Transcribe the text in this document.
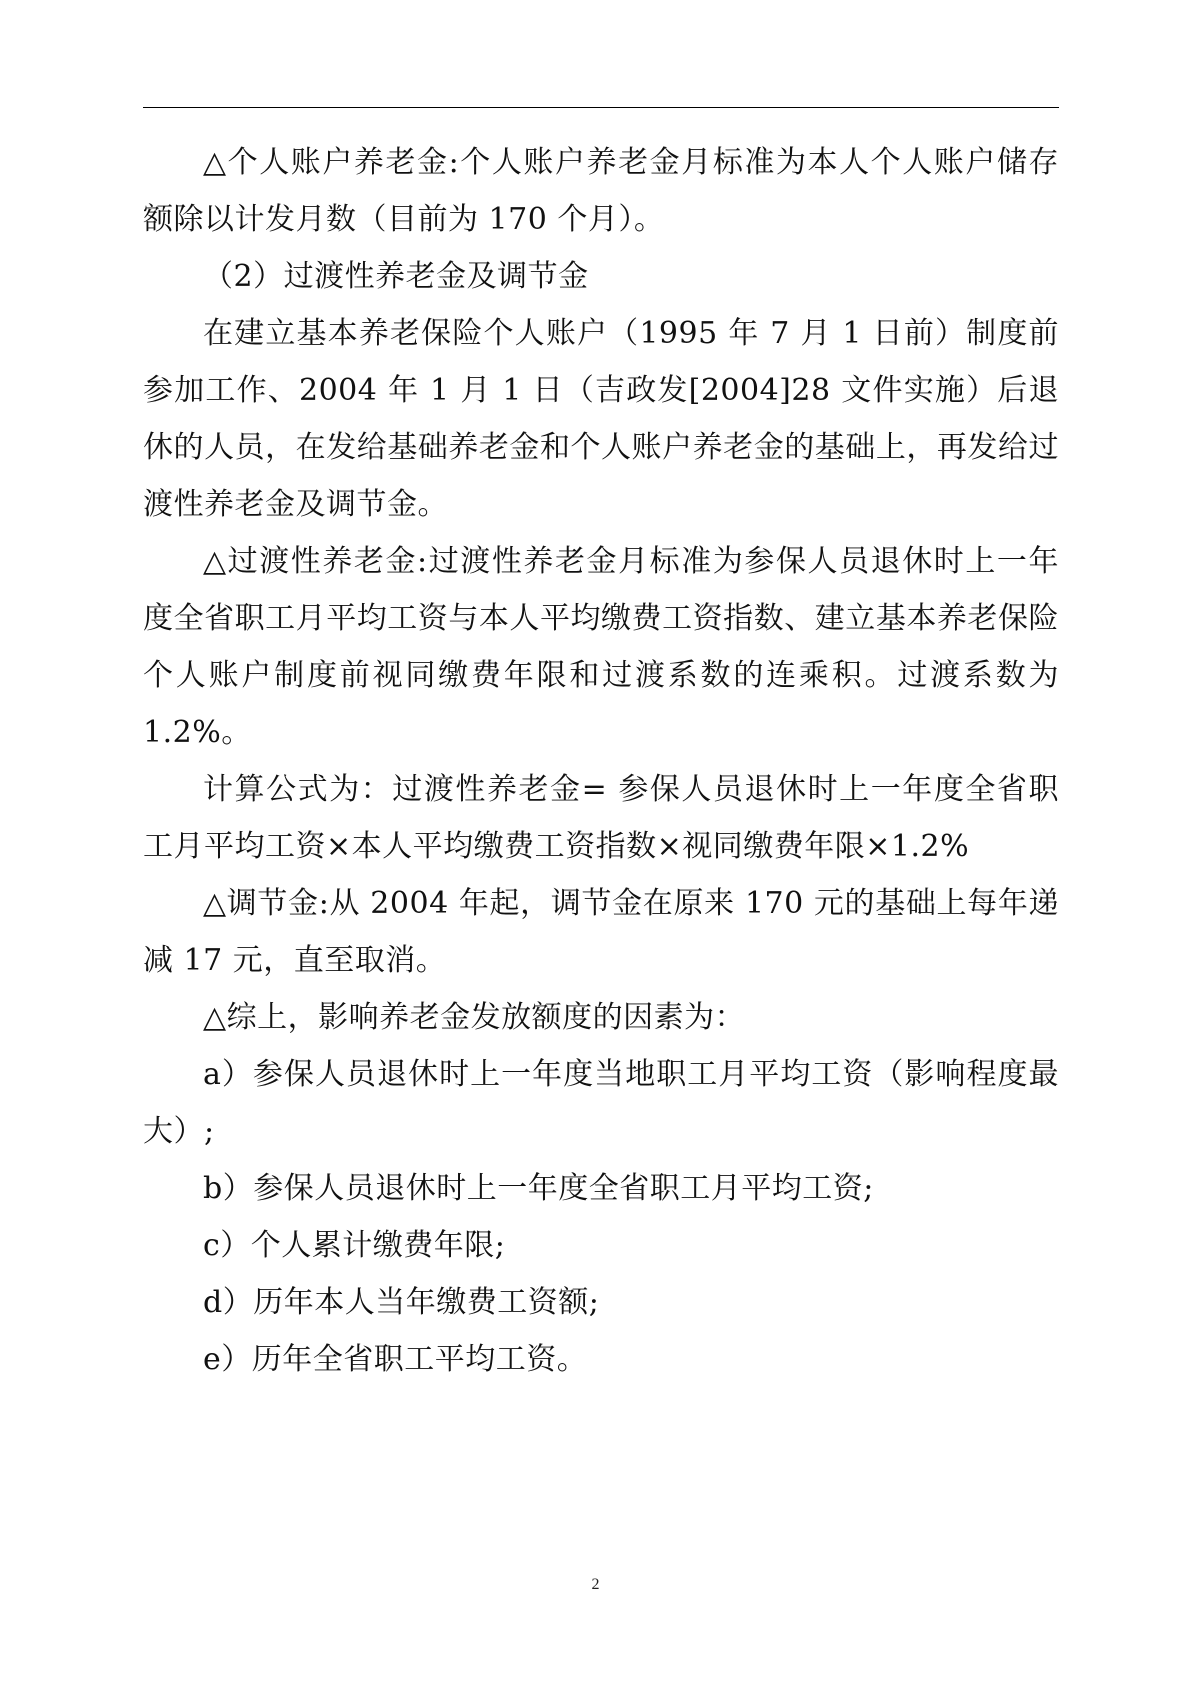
△个人账户养老金:个人账户养老金月标准为本人个人账户储存额除以计发月数（目前为 170 个月）。

（2）过渡性养老金及调节金

在建立基本养老保险个人账户（1995 年 7 月 1 日前）制度前参加工作、2004 年 1 月 1 日（吉政发[2004]28 文件实施）后退休的人员，在发给基础养老金和个人账户养老金的基础上，再发给过渡性养老金及调节金。

△过渡性养老金:过渡性养老金月标准为参保人员退休时上一年度全省职工月平均工资与本人平均缴费工资指数、建立基本养老保险个人账户制度前视同缴费年限和过渡系数的连乘积。过渡系数为 1.2%。

计算公式为：过渡性养老金= 参保人员退休时上一年度全省职工月平均工资×本人平均缴费工资指数×视同缴费年限×1.2%

△调节金:从 2004 年起，调节金在原来 170 元的基础上每年递减 17 元，直至取消。

△综上，影响养老金发放额度的因素为：

a）参保人员退休时上一年度当地职工月平均工资（影响程度最大）;

b）参保人员退休时上一年度全省职工月平均工资;

c）个人累计缴费年限;

d）历年本人当年缴费工资额;

e）历年全省职工平均工资。

2
